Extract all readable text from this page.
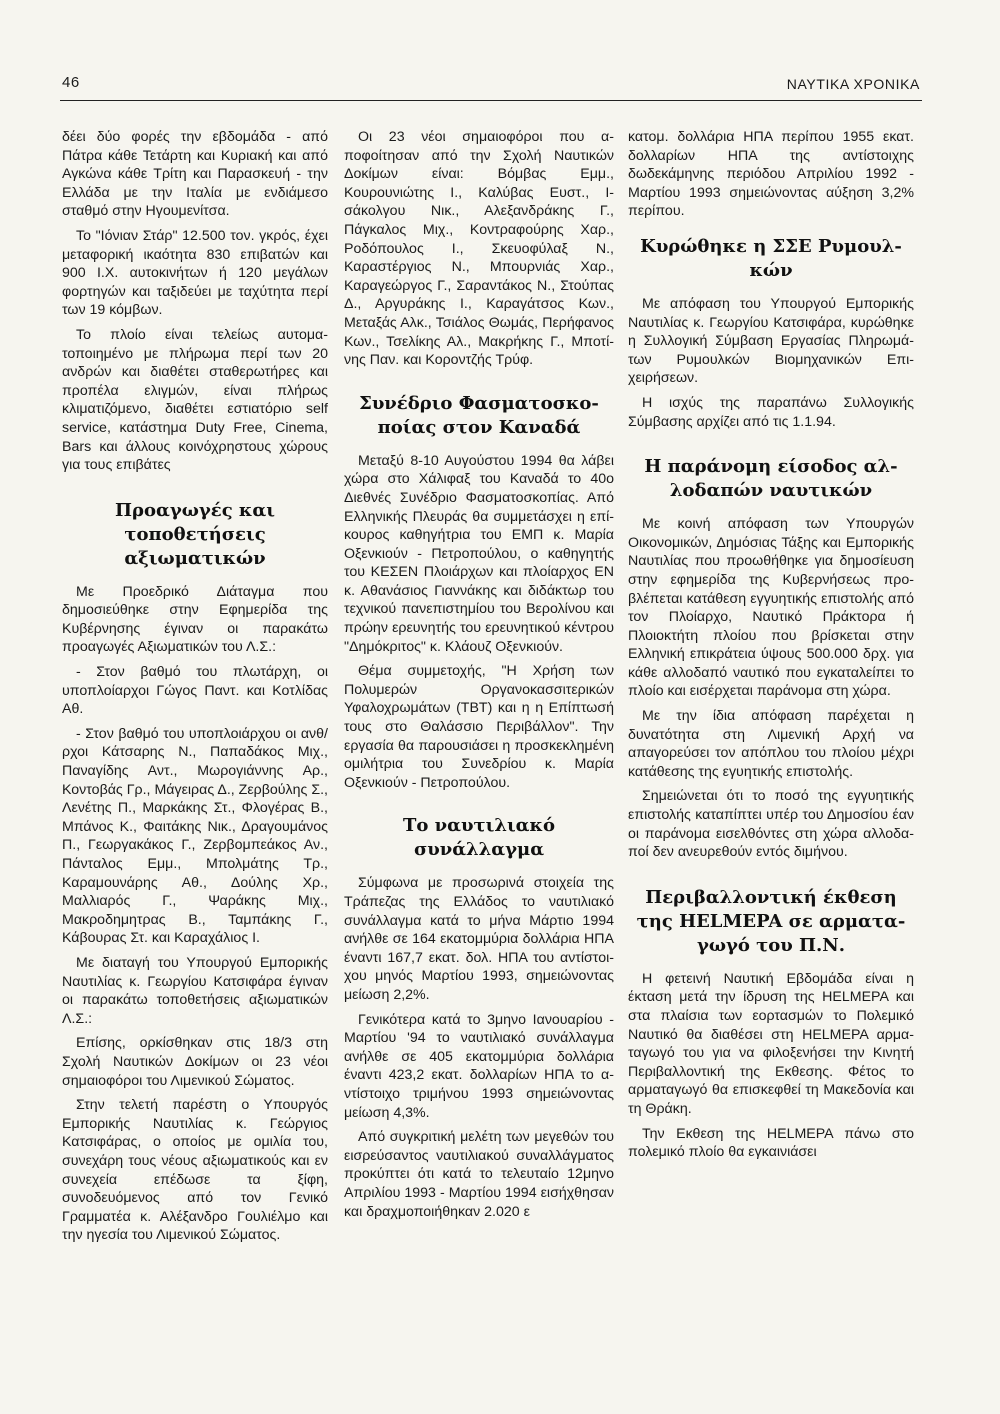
46	ΝΑΥΤΙΚΑ ΧΡΟΝΙΚΑ

δέει δύο φορές την εβδομάδα - από Πάτρα κάθε Τετάρτη και Κυριακή και από Αγκώνα κάθε Τρίτη και Παρασκευή - την Ελλάδα με την Ιταλία με ενδιάμεσο σταθμό στην Ηγουμενίτσα.

Το "Ιόνιαν Στάρ" 12.500 τον. γκρός, έχει μεταφορική ικαότητα 830 επιβατών και 900 Ι.Χ. αυτοκινήτων ή 120 μεγάλων φορτηγών και ταξιδεύει με ταχύτητα περί των 19 κόμβων.

Το πλοίο είναι τελείως αυτοματοποιημένο με πλήρωμα περί των 20 ανδρών και διαθέτει σταθερωτήρες και προπέλα ελιγμών, είναι πλήρως κλιματιζόμενο, διαθέτει εστιατόριο self service, κατάστημα Duty Free, Cinema, Bars και άλλους κοινόχρηστους χώρους για τους επιβάτες

Προαγωγές και τοποθετήσεις αξιωματικών

Με Προεδρικό Διάταγμα που δημοσιεύθηκε στην Εφημερίδα της Κυβέρνησης έγιναν οι παρακάτω προαγωγές Αξιωματικών του Λ.Σ.:

- Στον βαθμό του πλωτάρχη, οι υποπλοίαρχοι Γώγος Παντ. και Κοτλίδας Αθ.

- Στον βαθμό του υποπλοιάρχου οι ανθ/ρχοι Κάτσαρης Ν., Παπαδάκος Μιχ., Παναγίδης Αντ., Μωρογιάννης Αρ., Κοντοβάς Γρ., Μάγειρας Δ., Ζερβούλης Σ., Λενέτης Π., Μαρκάκης Στ., Φλογέρας Β., Μπάνος Κ., Φαιτάκης Νικ., Δραγουμάνος Π., Γεωργακάκος Γ., Ζερβομπεάκος Αν., Πάνταλος Εμμ., Μπολμάτης Τρ., Καραμουνάρης Αθ., Δούλης Χρ., Μαλλιαρός Γ., Ψαράκης Μιχ., Μακροδημητρας Β., Ταμπάκης Γ., Κάβουρας Στ. και Καραχάλιος Ι.

Με διαταγή του Υπουργού Εμπορικής Ναυτιλίας κ. Γεωργίου Κατσιφάρα έγιναν οι παρακάτω τοποθετήσεις αξιωματικών Λ.Σ.:

Επίσης, ορκίσθηκαν στις 18/3 στη Σχολή Ναυτικών Δοκίμων οι 23 νέοι σημαιοφόροι του Λιμενικού Σώματος.

Στην τελετή παρέστη ο Υπουργός Εμπορικής Ναυτιλίας κ. Γεώργιος Κατσιφάρας, ο οποίος με ομιλία του, συνεχάρη τους νέους αξιωματικούς και εν συνεχεία επέδωσε τα ξίφη, συνοδευόμενος από τον Γενικό Γραμματέα κ. Αλέξανδρο Γουλιέλμο και την ηγεσία του Λιμενικού Σώματος.

Οι 23 νέοι σημαιοφόροι που αποφοίτησαν από την Σχολή Ναυτικών Δοκίμων είναι: Βόμβας Εμμ., Κουρουνιώτης Ι., Καλύβας Ευστ., Ισάκολγου Νικ., Αλεξανδράκης Γ., Πάγκαλος Μιχ., Κοντραφούρης Χαρ., Ροδόπουλος Ι., Σκευοφύλαξ Ν., Καραστέργιος Ν., Μπουρνιάς Χαρ., Καραγεώργος Γ., Σαραντάκος Ν., Στούπας Δ., Αργυράκης Ι., Καραγάτσος Κων., Μεταξάς Αλκ., Τσιάλος Θωμάς, Περήφανος Κων., Τσελίκης Αλ., Μακρήκης Γ., Μποτίνης Παν. και Κοροντζής Τρύφ.

Συνέδριο Φασματοσκοποίας στον Καναδά

Μεταξύ 8-10 Αυγούστου 1994 θα λάβει χώρα στο Χάλιφαξ του Καναδά το 40ο Διεθνές Συνέδριο Φασματοσκοπίας. Από Ελληνικής Πλευράς θα συμμετάσχει η επίκουρος καθηγήτρια του ΕΜΠ κ. Μαρία Οξενκιούν - Πετροπούλου, ο καθηγητής του ΚΕΣΕΝ Πλοιάρχων και πλοίαρχος ΕΝ κ. Αθανάσιος Γιαννάκης και διδάκτωρ του τεχνικού πανεπιστημίου του Βερολίνου και πρώην ερευνητής του ερευνητικού κέντρου "Δημόκριτος" κ. Κλάουζ Οξενκιούν.

Θέμα συμμετοχής, "Η Χρήση των Πολυμερών Οργανοκασσιτερικών Υφαλοχρωμάτων (ΤΒΤ) και η η Επίπτωσή τους στο Θαλάσσιο Περιβάλλον". Την εργασία θα παρουσιάσει η προσκεκλημένη ομιλήτρια του Συνεδρίου κ. Μαρία Οξενκιούν - Πετροπούλου.

Το ναυτιλιακό συνάλλαγμα

Σύμφωνα με προσωρινά στοιχεία της Τράπεζας της Ελλάδος το ναυτιλιακό συνάλλαγμα κατά το μήνα Μάρτιο 1994 ανήλθε σε 164 εκατομμύρια δολλάρια ΗΠΑ έναντι 167,7 εκατ. δολ. ΗΠΑ του αντίστοιχου μηνός Μαρτίου 1993, σημειώνοντας μείωση 2,2%.

Γενικότερα κατά το 3μηνο Ιανουαρίου - Μαρτίου '94 το ναυτιλιακό συνάλλαγμα ανήλθε σε 405 εκατομμύρια δολλάρια έναντι 423,2 εκατ. δολλαρίων ΗΠΑ το αντίστοιχο τριμήνου 1993 σημειώνοντας μείωση 4,3%.

Από συγκριτική μελέτη των μεγεθών του εισρεύσαντος ναυτιλιακού συναλλάγματος προκύπτει ότι κατά το τελευταίο 12μηνο Απριλίου 1993 - Μαρτίου 1994 εισήχθησαν και δραχμοποιήθηκαν 2.020 ε

κατομ. δολλάρια ΗΠΑ περίπου 1955 εκατ. δολλαρίων ΗΠΑ της αντίστοιχης δωδεκάμηνης περιόδου Απριλίου 1992 - Μαρτίου 1993 σημειώνοντας αύξηση 3,2% περίπου.

Κυρώθηκε η ΣΣΕ Ρυμουλκών

Με απόφαση του Υπουργού Εμπορικής Ναυτιλίας κ. Γεωργίου Κατσιφάρα, κυρώθηκε η Συλλογική Σύμβαση Εργασίας Πληρωμάτων Ρυμουλκών Βιομηχανικών Επιχειρήσεων.

Η ισχύς της παραπάνω Συλλογικής Σύμβασης αρχίζει από τις 1.1.94.

Η παράνομη είσοδος αλλοδαπών ναυτικών

Με κοινή απόφαση των Υπουργών Οικονομικών, Δημόσιας Τάξης και Εμπορικής Ναυτιλίας που προωθήθηκε για δημοσίευση στην εφημερίδα της Κυβερνήσεως προβλέπεται κατάθεση εγγυητικής επιστολής από τον Πλοίαρχο, Ναυτικό Πράκτορα ή Πλοιοκτήτη πλοίου που βρίσκεται στην Ελληνική επικράτεια ύψους 500.000 δρχ. για κάθε αλλοδαπό ναυτικό που εγκαταλείπει το πλοίο και εισέρχεται παράνομα στη χώρα.

Με την ίδια απόφαση παρέχεται η δυνατότητα στη Λιμενική Αρχή να απαγορεύσει τον απόπλου του πλοίου μέχρι κατάθεσης της εγυητικής επιστολής.

Σημειώνεται ότι το ποσό της εγγυητικής επιστολής καταπίπτει υπέρ του Δημοσίου έαν οι παράνομα εισελθόντες στη χώρα αλλοδαποί δεν ανευρεθούν εντός διμήνου.

Περιβαλλοντική έκθεση της HELMEPA σε αρματαγωγό του Π.Ν.

Η φετεινή Ναυτική Εβδομάδα είναι η έκταση μετά την ίδρυση της HELMEPA και στα πλαίσια των εορτασμών το Πολεμικό Ναυτικό θα διαθέσει στη HELMEPA αρματαγωγό του για να φιλοξενήσει την Κινητή Περιβαλλοντική της Εκθεσης. Φέτος το αρματαγωγό θα επισκεφθεί τη Μακεδονία και τη Θράκη.

Την Εκθεση της HELMEPA πάνω στο πολεμικό πλοίο θα εγκαινιάσει
